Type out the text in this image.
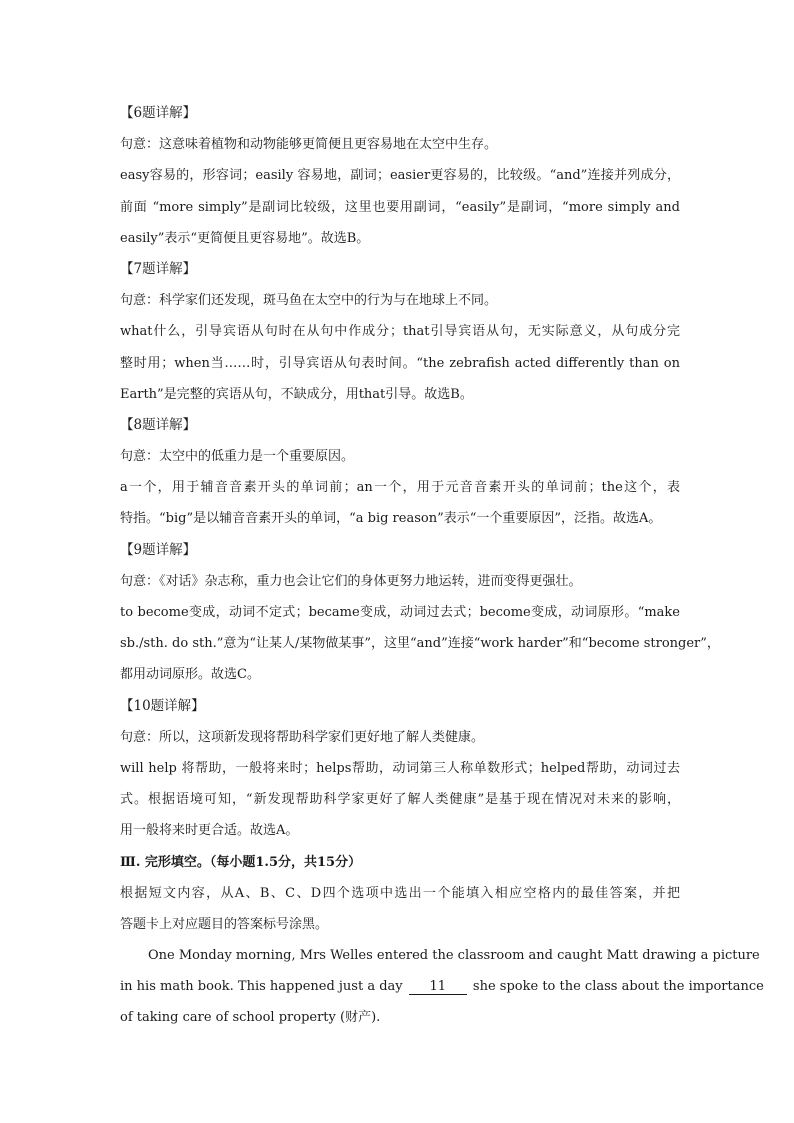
【6题详解】
句意：这意味着植物和动物能够更简便且更容易地在太空中生存。
easy容易的，形容词；easily 容易地，副词；easier更容易的，比较级。“and”连接并列成分，
前面 “more simply”是副词比较级，这里也要用副词，“easily”是副词，“more simply and
easily”表示“更简便且更容易地”。故选B。
【7题详解】
句意：科学家们还发现，斑马鱼在太空中的行为与在地球上不同。
what什么，引导宾语从句时在从句中作成分；that引导宾语从句，无实际意义，从句成分完
整时用；when当……时，引导宾语从句表时间。“the zebrafish acted differently than on
Earth”是完整的宾语从句，不缺成分，用that引导。故选B。
【8题详解】
句意：太空中的低重力是一个重要原因。
a一个，用于辅音音素开头的单词前；an一个，用于元音音素开头的单词前；the这个，表
特指。“big”是以辅音音素开头的单词，“a big reason”表示“一个重要原因”，泛指。故选A。
【9题详解】
句意：《对话》杂志称，重力也会让它们的身体更努力地运转，进而变得更强壮。
to become变成，动词不定式；became变成，动词过去式；become变成，动词原形。“make
sb./sth. do sth.”意为“让某人/某物做某事”，这里“and”连接“work harder”和“become stronger”，
都用动词原形。故选C。
【10题详解】
句意：所以，这项新发现将帮助科学家们更好地了解人类健康。
will help 将帮助，一般将来时；helps帮助，动词第三人称单数形式；helped帮助，动词过去
式。根据语境可知，“新发现帮助科学家更好了解人类健康”是基于现在情况对未来的影响，
用一般将来时更合适。故选A。
Ⅲ. 完形填空。（每小题1.5分，共15分）
根据短文内容，从A、B、C、D四个选项中选出一个能填入相应空格内的最佳答案，并把
答题卡上对应题目的答案标号涂黑。
One Monday morning, Mrs Welles entered the classroom and caught Matt drawing a picture
in his math book. This happened just a day 11 she spoke to the class about the importance
of taking care of school property (财产).
